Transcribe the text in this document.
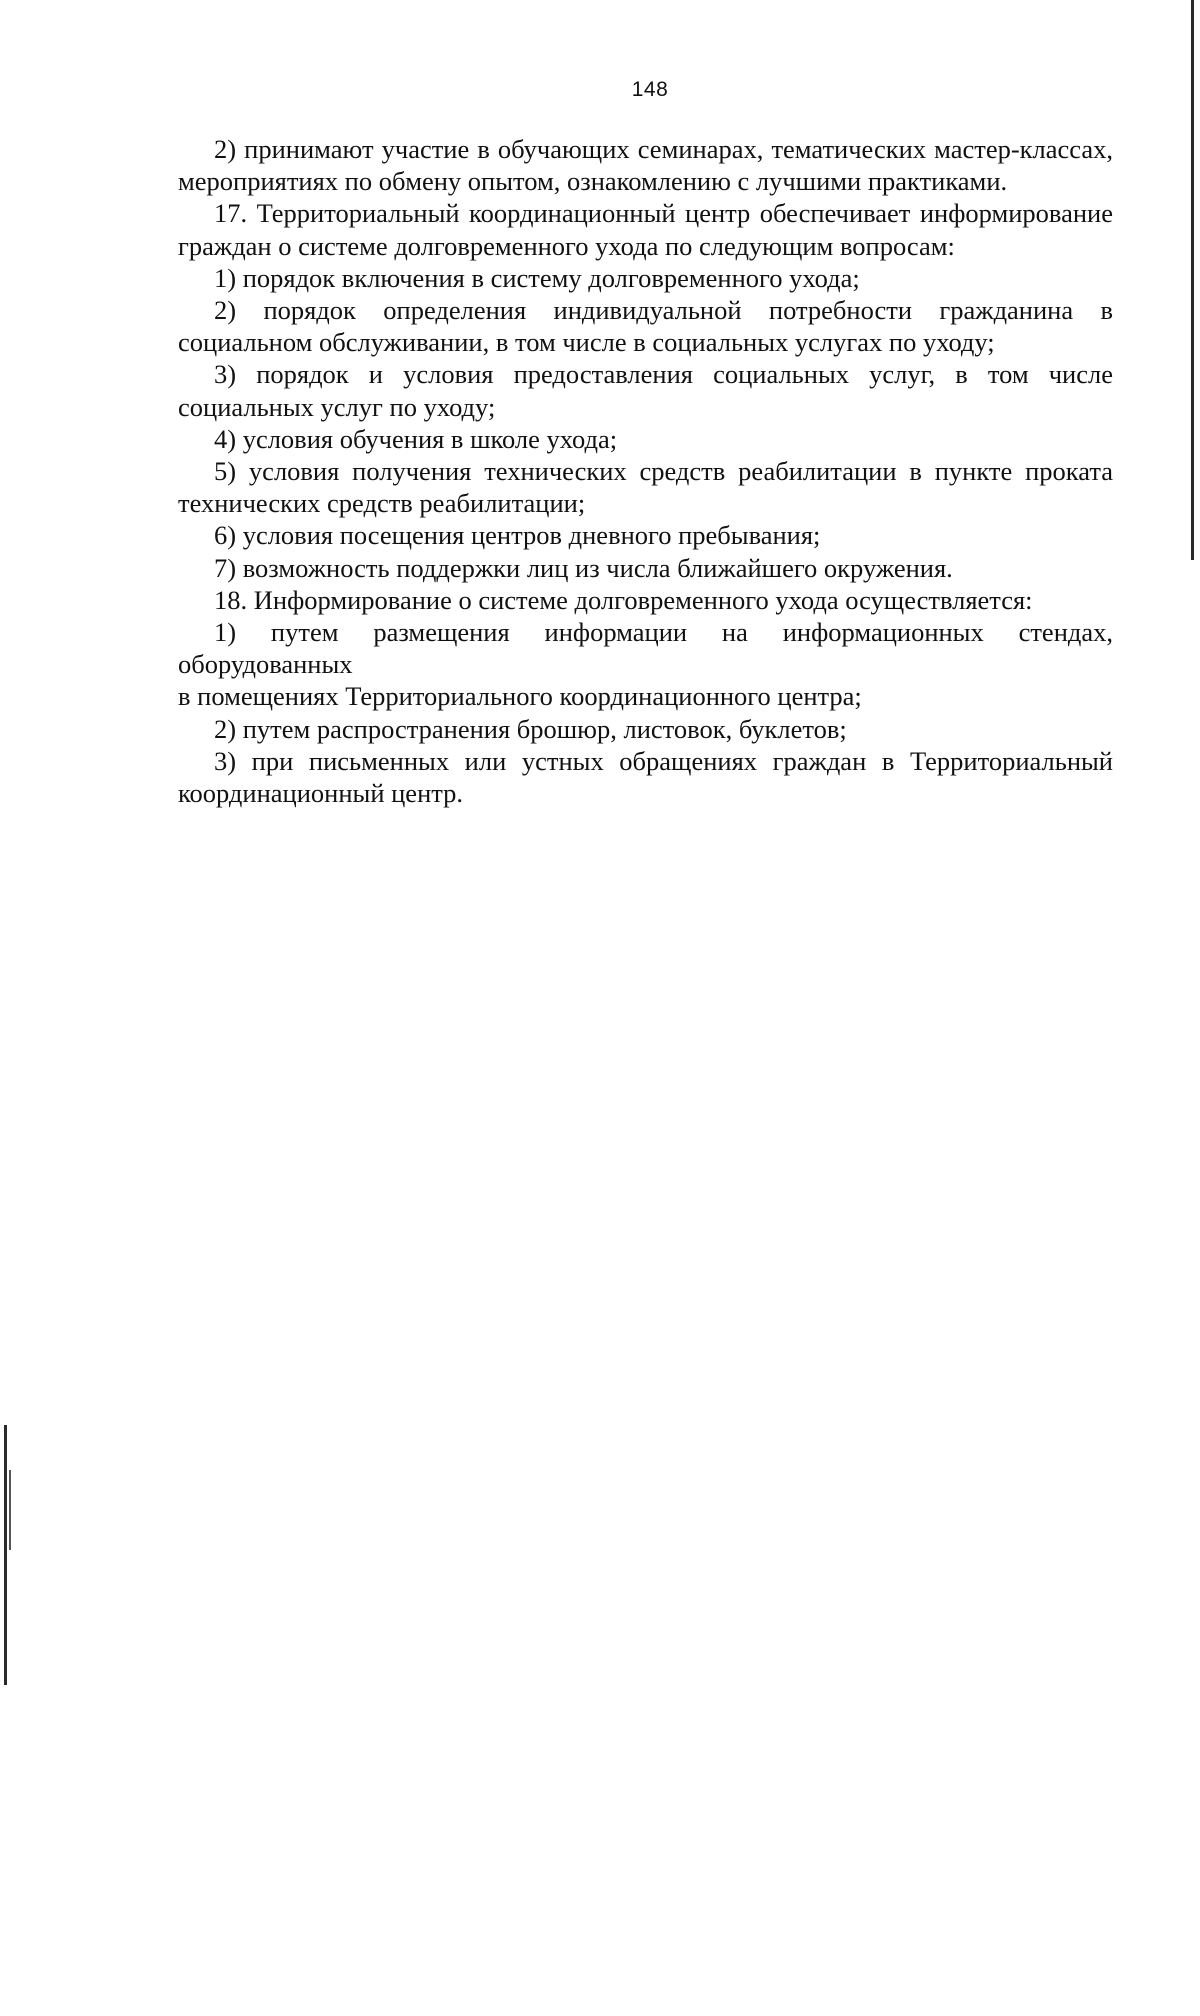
148

2) принимают участие в обучающих семинарах, тематических мастер-классах, мероприятиях по обмену опытом, ознакомлению с лучшими практиками.

17. Территориальный координационный центр обеспечивает информирование граждан о системе долговременного ухода по следующим вопросам:

1) порядок включения в систему долговременного ухода;

2) порядок определения индивидуальной потребности гражданина в социальном обслуживании, в том числе в социальных услугах по уходу;

3) порядок и условия предоставления социальных услуг, в том числе социальных услуг по уходу;

4) условия обучения в школе ухода;

5) условия получения технических средств реабилитации в пункте проката технических средств реабилитации;

6) условия посещения центров дневного пребывания;

7) возможность поддержки лиц из числа ближайшего окружения.

18. Информирование о системе долговременного ухода осуществляется:

1) путем размещения информации на информационных стендах, оборудованных

в помещениях Территориального координационного центра;

2) путем распространения брошюр, листовок, буклетов;

3) при письменных или устных обращениях граждан в Территориальный координационный центр.
